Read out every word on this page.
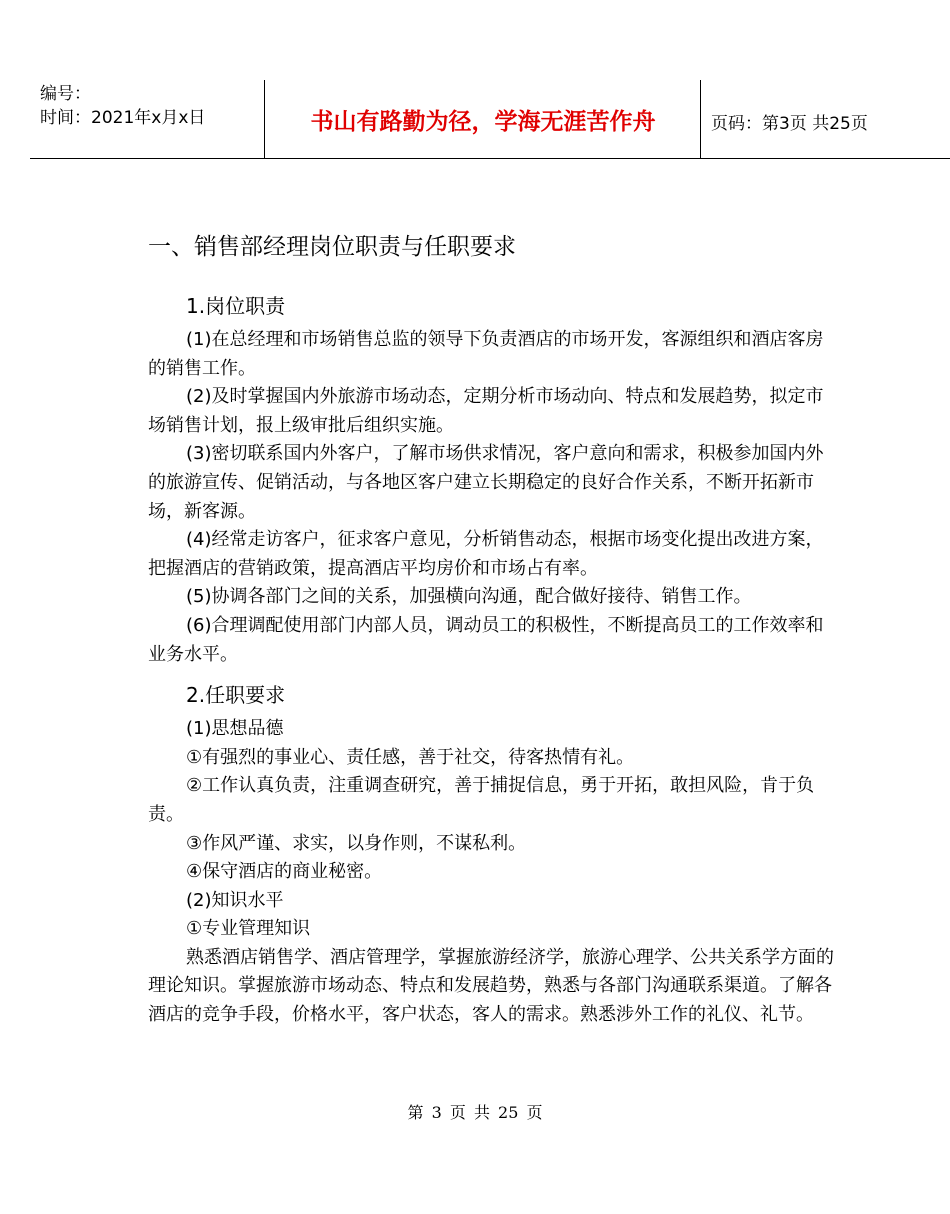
编号：
时间：2021年x月x日	书山有路勤为径，学海无涯苦作舟	页码：第3页 共25页
一、销售部经理岗位职责与任职要求
1.岗位职责

(1)在总经理和市场销售总监的领导下负责酒店的市场开发，客源组织和酒店客房的销售工作。

(2)及时掌握国内外旅游市场动态，定期分析市场动向、特点和发展趋势，拟定市场销售计划，报上级审批后组织实施。

(3)密切联系国内外客户，了解市场供求情况，客户意向和需求，积极参加国内外的旅游宣传、促销活动，与各地区客户建立长期稳定的良好合作关系，不断开拓新市场，新客源。

(4)经常走访客户，征求客户意见，分析销售动态，根据市场变化提出改进方案，把握酒店的营销政策，提高酒店平均房价和市场占有率。

(5)协调各部门之间的关系，加强横向沟通，配合做好接待、销售工作。

(6)合理调配使用部门内部人员，调动员工的积极性，不断提高员工的工作效率和业务水平。

2.任职要求

(1)思想品德

①有强烈的事业心、责任感，善于社交，待客热情有礼。

②工作认真负责，注重调查研究，善于捕捉信息，勇于开拓，敢担风险，肯于负责。

③作风严谨、求实，以身作则，不谋私利。

④保守酒店的商业秘密。

(2)知识水平

①专业管理知识

熟悉酒店销售学、酒店管理学，掌握旅游经济学，旅游心理学、公共关系学方面的理论知识。掌握旅游市场动态、特点和发展趋势，熟悉与各部门沟通联系渠道。了解各酒店的竞争手段，价格水平，客户状态，客人的需求。熟悉涉外工作的礼仪、礼节。

第 3 页 共 25 页
